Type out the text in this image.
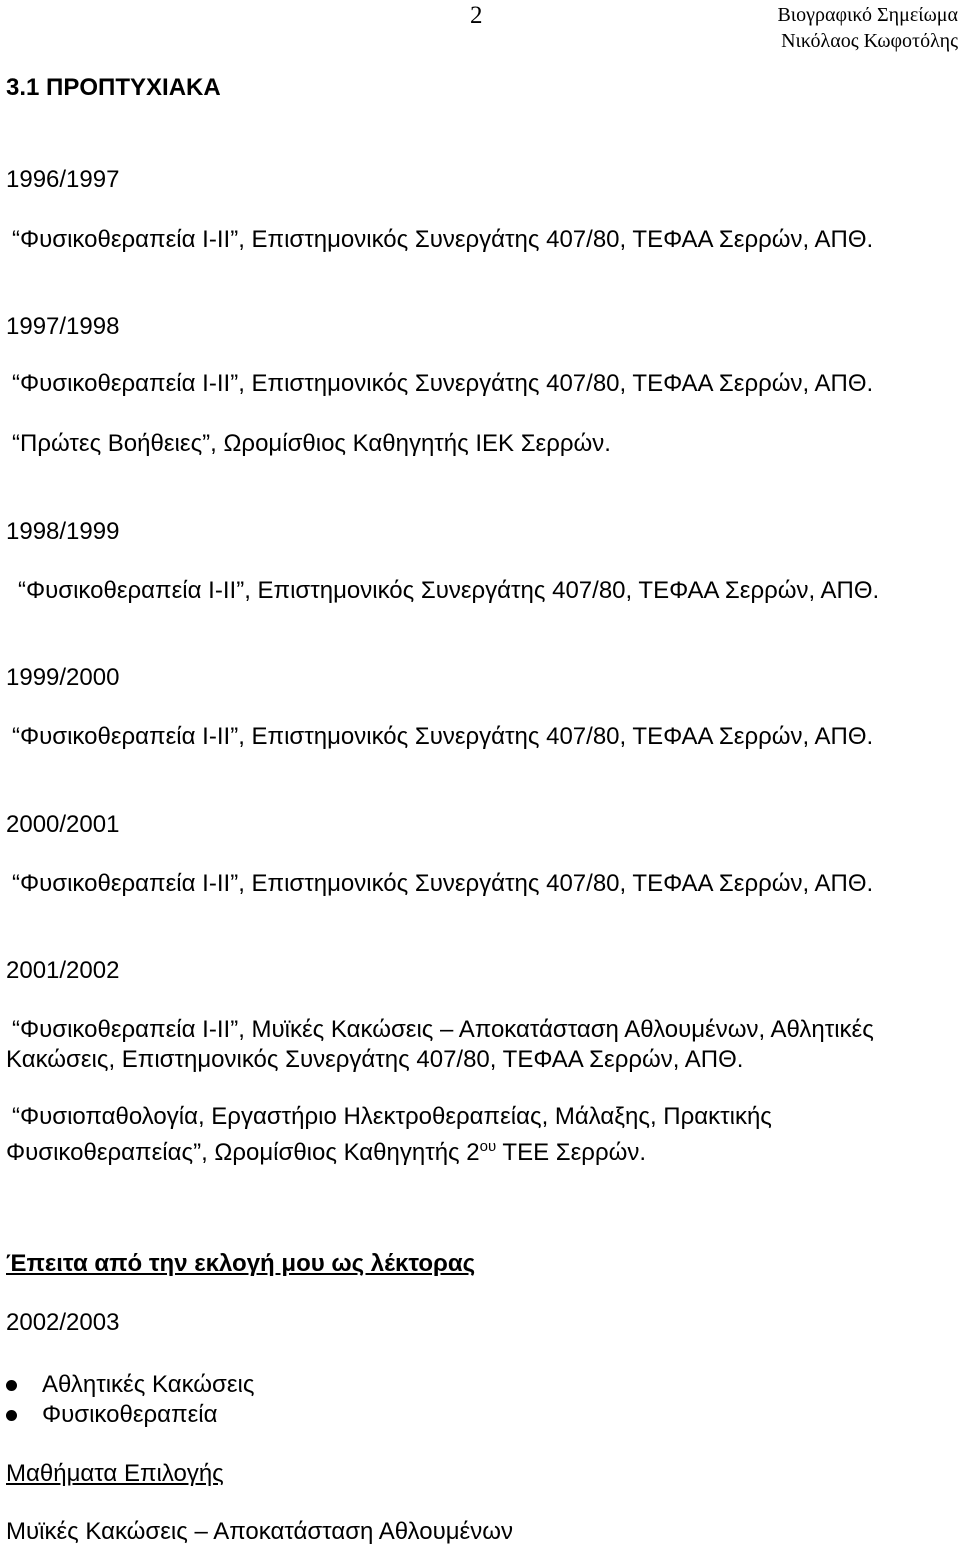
2	Βιογραφικό Σημείωμα
Νικόλαος Κωφοτόλης
3.1 ΠΡΟΠΤΥΧΙΑΚΑ
1996/1997
“Φυσικοθεραπεία Ι-ΙΙ”, Επιστημονικός Συνεργάτης 407/80, ΤΕΦΑΑ Σερρών, ΑΠΘ.
1997/1998
“Φυσικοθεραπεία Ι-ΙΙ”, Επιστημονικός Συνεργάτης 407/80, ΤΕΦΑΑ Σερρών, ΑΠΘ.
“Πρώτες Βοήθειες”, Ωρομίσθιος Καθηγητής ΙΕΚ Σερρών.
1998/1999
“Φυσικοθεραπεία Ι-ΙΙ”, Επιστημονικός Συνεργάτης 407/80, ΤΕΦΑΑ Σερρών, ΑΠΘ.
1999/2000
“Φυσικοθεραπεία Ι-ΙΙ”, Επιστημονικός Συνεργάτης 407/80, ΤΕΦΑΑ Σερρών, ΑΠΘ.
2000/2001
“Φυσικοθεραπεία Ι-ΙΙ”, Επιστημονικός Συνεργάτης 407/80, ΤΕΦΑΑ Σερρών, ΑΠΘ.
2001/2002
“Φυσικοθεραπεία Ι-ΙΙ”, Μυϊκές Κακώσεις – Αποκατάσταση Αθλουμένων, Αθλητικές Κακώσεις, Επιστημονικός Συνεργάτης 407/80, ΤΕΦΑΑ Σερρών, ΑΠΘ.
“Φυσιοπαθολογία, Εργαστήριο Ηλεκτροθεραπείας, Μάλαξης, Πρακτικής Φυσικοθεραπείας”, Ωρομίσθιος Καθηγητής $2^{o\upsilon}$ ΤΕΕ Σερρών.
Έπειτα από την εκλογή μου ως λέκτορας
2002/2003
Αθλητικές Κακώσεις
Φυσικοθεραπεία
Μαθήματα Επιλογής
Μυϊκές Κακώσεις – Αποκατάσταση Αθλουμένων
